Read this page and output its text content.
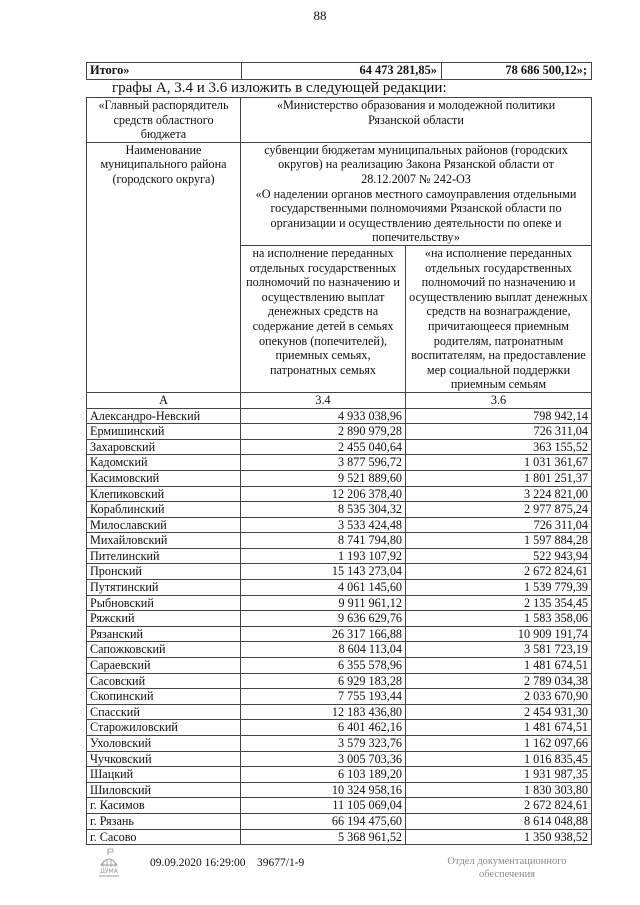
88
Итого»	64 473 281,85»	78 686 500,12»;
графы А, 3.4 и 3.6 изложить в следующей редакции:
«Главный распорядитель средств областного бюджета	«Министерство образования и молодежной политики Рязанской области	
Наименование муниципального района (городского округа)	субвенции бюджетам муниципальных районов (городских округов) на реализацию Закона Рязанской области от 28.12.2007 № 242-ОЗ
«О наделении органов местного самоуправления отдельными государственными полномочиями Рязанской области по организации и осуществлению деятельности по опеке и попечительству»	

на исполнение переданных отдельных государственных полномочий по назначению и осуществлению выплат денежных средств на содержание детей в семьях опекунов (попечителей), приемных семьях, патронатных семьях	«на исполнение переданных отдельных государственных полномочий по назначению и осуществлению выплат денежных средств на вознаграждение, причитающееся приемным родителям, патронатным воспитателям, на предоставление мер социальной поддержки приемным семьям
А	3.4	3.6
Александро-Невский	4 933 038,96	798 942,14
Ермишинский	2 890 979,28	726 311,04
Захаровский	2 455 040,64	363 155,52
Кадомский	3 877 596,72	1 031 361,67
Касимовский	9 521 889,60	1 801 251,37
Клепиковский	12 206 378,40	3 224 821,00
Кораблинский	8 535 304,32	2 977 875,24
Милославский	3 533 424,48	726 311,04
Михайловский	8 741 794,80	1 597 884,28
Пителинский	1 193 107,92	522 943,94
Пронский	15 143 273,04	2 672 824,61
Путятинский	4 061 145,60	1 539 779,39
Рыбновский	9 911 961,12	2 135 354,45
Ряжский	9 636 629,76	1 583 358,06
Рязанский	26 317 166,88	10 909 191,74
Сапожковский	8 604 113,04	3 581 723,19
Сараевский	6 355 578,96	1 481 674,51
Сасовский	6 929 183,28	2 789 034,38
Скопинский	7 755 193,44	2 033 670,90
Спасский	12 183 436,80	2 454 931,30
Старожиловский	6 401 462,16	1 481 674,51
Ухоловский	3 579 323,76	1 162 097,66
Чучковский	3 005 703,36	1 016 835,45
Шацкий	6 103 189,20	1 931 987,35
Шиловский	10 324 958,16	1 830 303,80
г. Касимов	11 105 069,04	2 672 824,61
г. Рязань	66 194 475,60	8 614 048,88
г. Сасово	5 368 961,52	1 350 938,52
ДУМА
09.09.2020 16:29:00 39677/1-9	Отдел документационного
обеспечения
